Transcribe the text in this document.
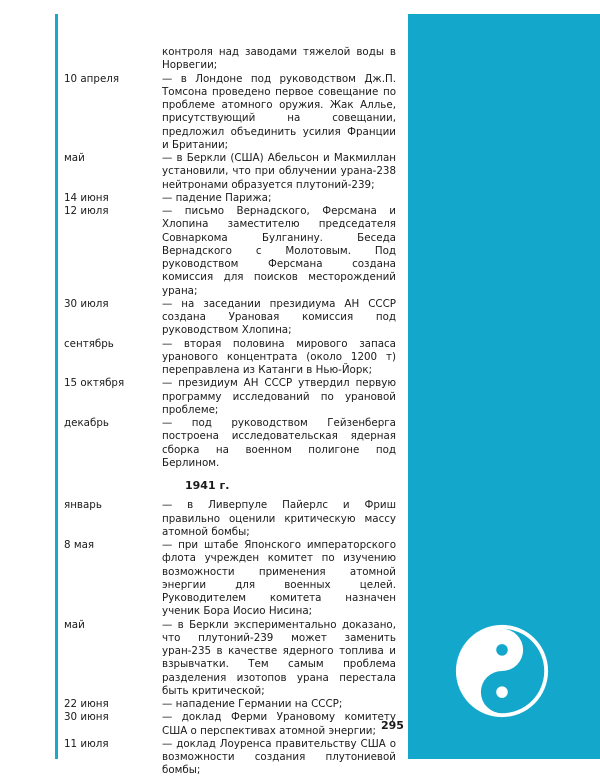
контроля над заводами тяжелой воды в Норвегии;
10 апреля	— в Лондоне под руководством Дж.П. Томсона проведено первое совещание по проблеме атомного оружия. Жак Алльe, присутствующий на совещании, предложил объединить усилия Франции и Британии;
май	— в Беркли (США) Абельсон и Макмиллан установили, что при облучении урана-238 нейтронами образуется плутоний-239;
14 июня	— падение Парижа;
12 июля	— письмо Вернадского, Ферсмана и Хлопина заместителю председателя Совнаркома Булганину. Беседа Вернадского с Молотовым. Под руководством Ферсмана создана комиссия для поисков месторождений урана;
30 июля	— на заседании президиума АН СССР создана Урановая комиссия под руководством Хлопина;
сентябрь	— вторая половина мирового запаса уранового концентрата (около 1200 т) переправлена из Катанги в Нью-Йорк;
15 октября	— президиум АН СССР утвердил первую программу исследований по урановой проблеме;
декабрь	— под руководством Гейзенберга построена исследовательская ядерная сборка на военном полигоне под Берлином.
1941 г.
январь	— в Ливерпуле Пайерлс и Фриш правильно оценили критическую массу атомной бомбы;
8 мая	— при штабе Японского императорского флота учрежден комитет по изучению возможности применения атомной энергии для военных целей. Руководителем комитета назначен ученик Бора Иосио Нисина;
май	— в Беркли экспериментально доказано, что плутоний-239 может заменить уран-235 в качестве ядерного топлива и взрывчатки. Тем самым проблема разделения изотопов урана перестала быть критической;
22 июня	— нападение Германии на СССР;
30 июня	— доклад Ферми Урановому комитету США о перспективах атомной энергии;
11 июля	— доклад Лоуренса правительству США о возможности создания плутониевой бомбы;
295
